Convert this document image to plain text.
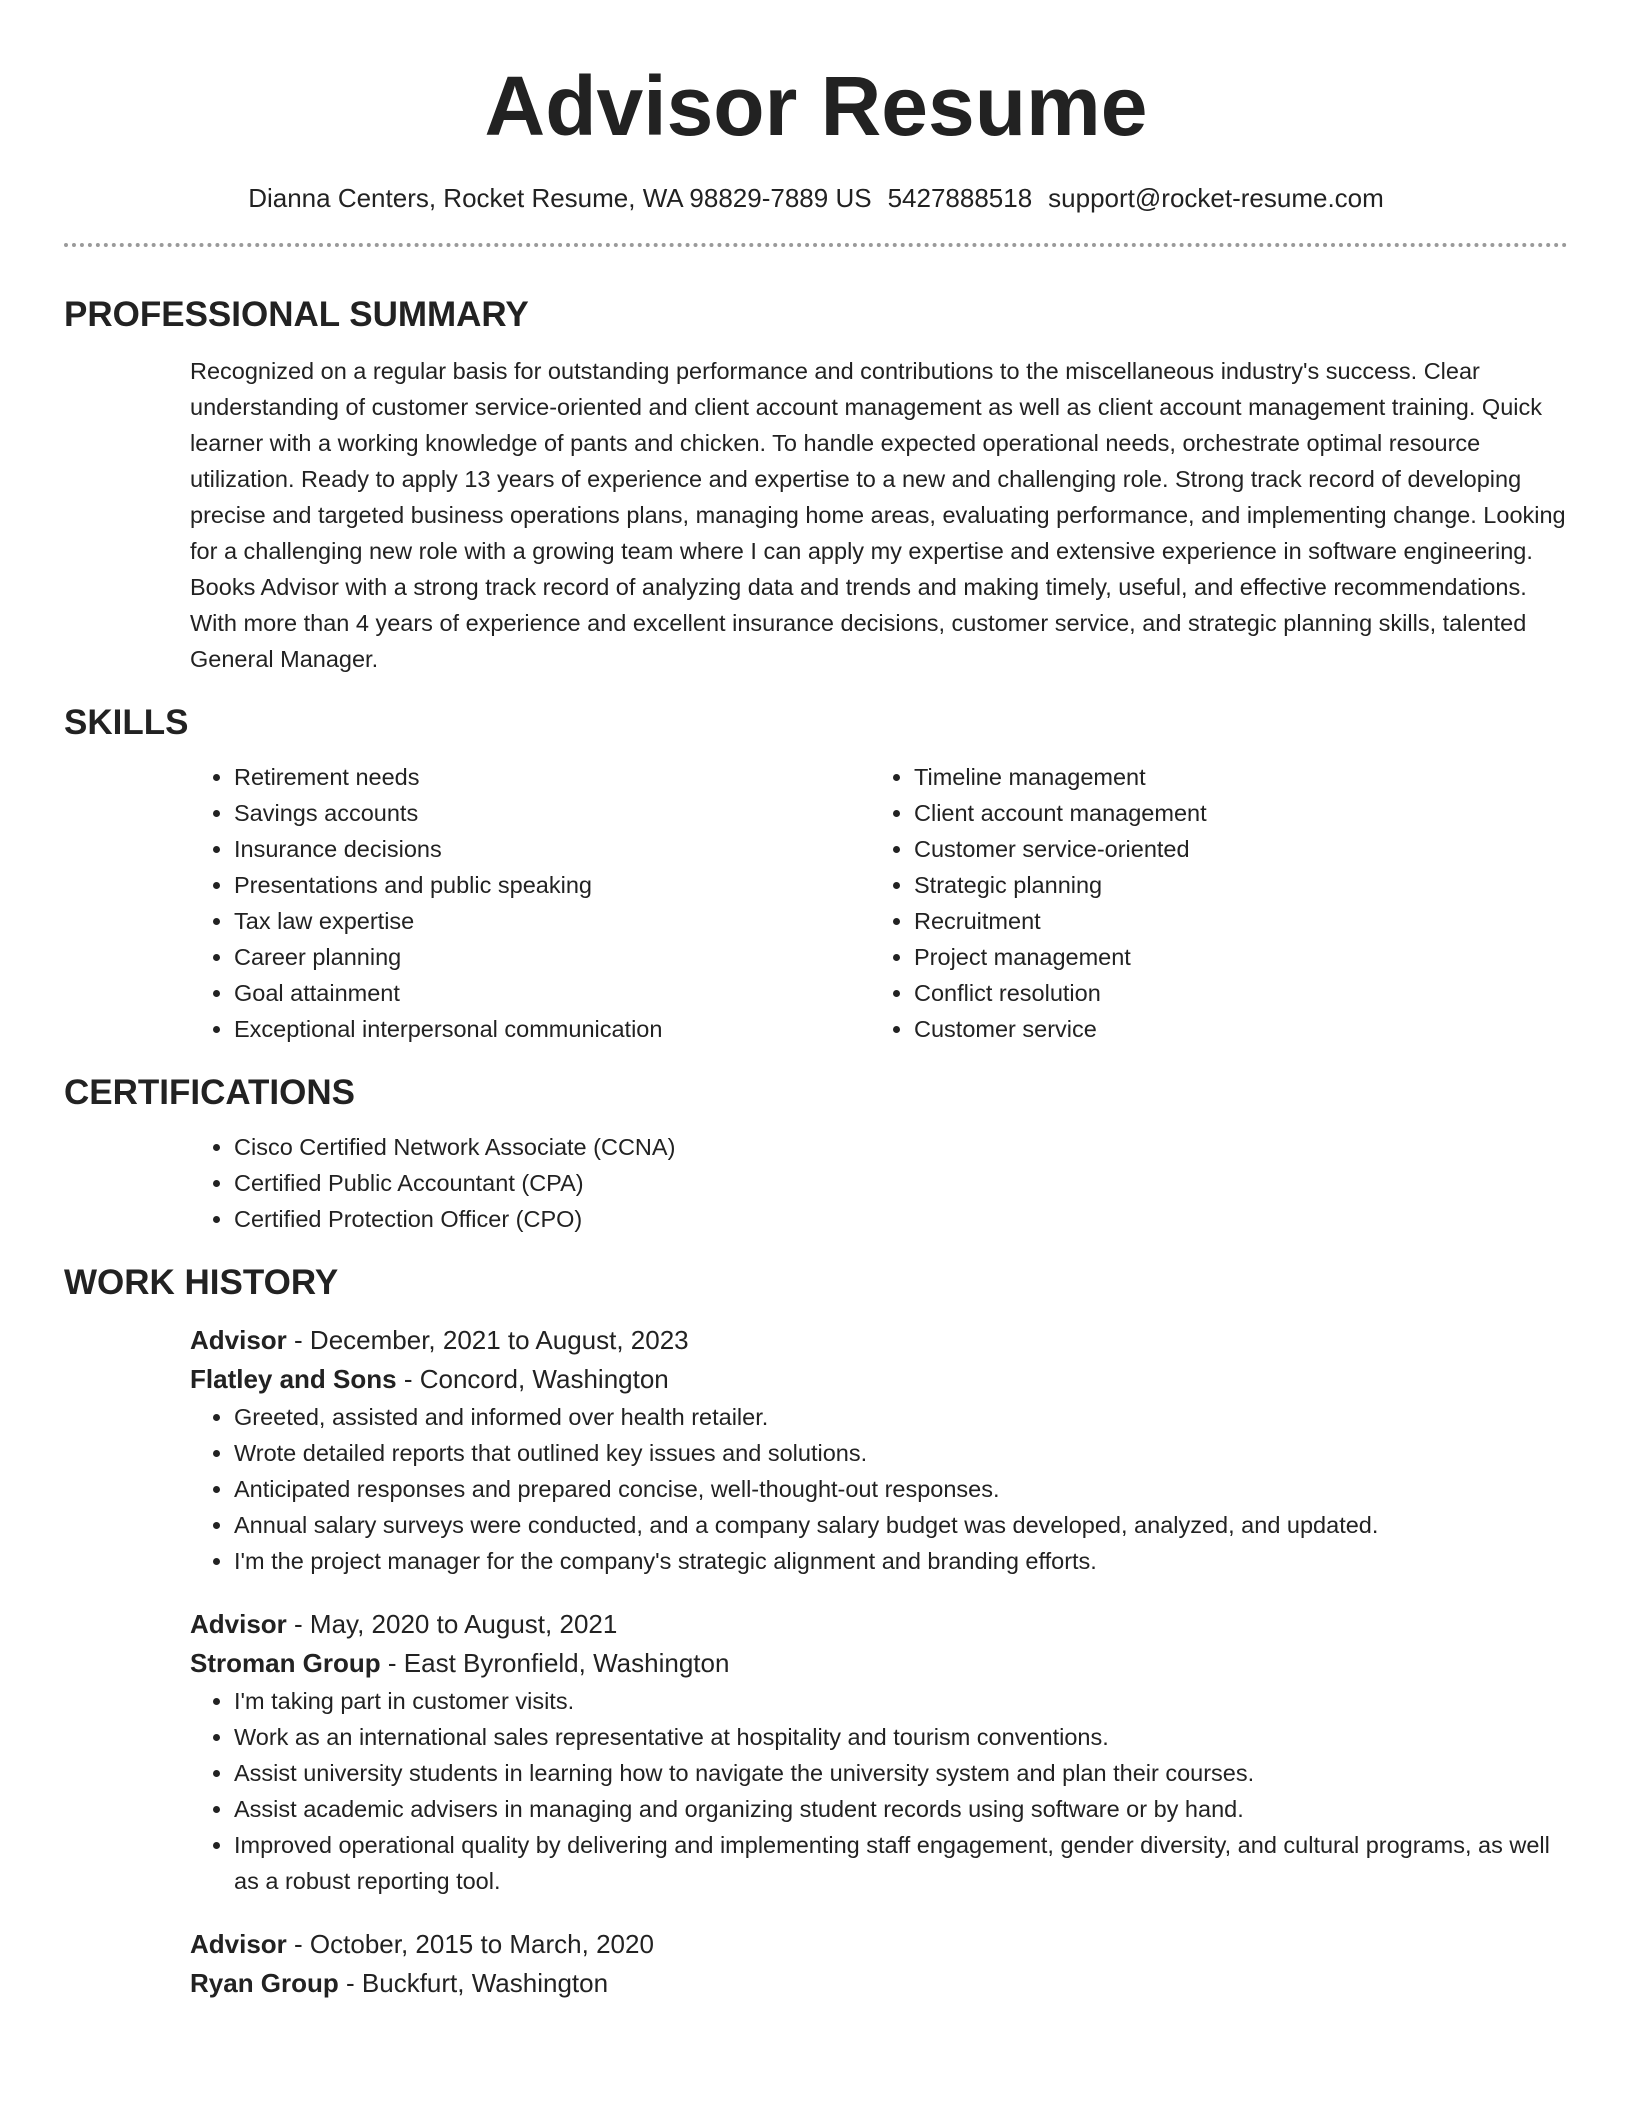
Advisor Resume
Dianna Centers, Rocket Resume, WA 98829-7889 US 5427888518 support@rocket-resume.com
PROFESSIONAL SUMMARY
Recognized on a regular basis for outstanding performance and contributions to the miscellaneous industry's success. Clear understanding of customer service-oriented and client account management as well as client account management training. Quick learner with a working knowledge of pants and chicken. To handle expected operational needs, orchestrate optimal resource utilization. Ready to apply 13 years of experience and expertise to a new and challenging role. Strong track record of developing precise and targeted business operations plans, managing home areas, evaluating performance, and implementing change. Looking for a challenging new role with a growing team where I can apply my expertise and extensive experience in software engineering. Books Advisor with a strong track record of analyzing data and trends and making timely, useful, and effective recommendations. With more than 4 years of experience and excellent insurance decisions, customer service, and strategic planning skills, talented General Manager.
SKILLS
• Retirement needs
• Savings accounts
• Insurance decisions
• Presentations and public speaking
• Tax law expertise
• Career planning
• Goal attainment
• Exceptional interpersonal communication
• Timeline management
• Client account management
• Customer service-oriented
• Strategic planning
• Recruitment
• Project management
• Conflict resolution
• Customer service
CERTIFICATIONS
• Cisco Certified Network Associate (CCNA)
• Certified Public Accountant (CPA)
• Certified Protection Officer (CPO)
WORK HISTORY
Advisor - December, 2021 to August, 2023
Flatley and Sons - Concord, Washington
• Greeted, assisted and informed over health retailer.
• Wrote detailed reports that outlined key issues and solutions.
• Anticipated responses and prepared concise, well-thought-out responses.
• Annual salary surveys were conducted, and a company salary budget was developed, analyzed, and updated.
• I'm the project manager for the company's strategic alignment and branding efforts.
Advisor - May, 2020 to August, 2021
Stroman Group - East Byronfield, Washington
• I'm taking part in customer visits.
• Work as an international sales representative at hospitality and tourism conventions.
• Assist university students in learning how to navigate the university system and plan their courses.
• Assist academic advisers in managing and organizing student records using software or by hand.
• Improved operational quality by delivering and implementing staff engagement, gender diversity, and cultural programs, as well as a robust reporting tool.
Advisor - October, 2015 to March, 2020
Ryan Group - Buckfurt, Washington
